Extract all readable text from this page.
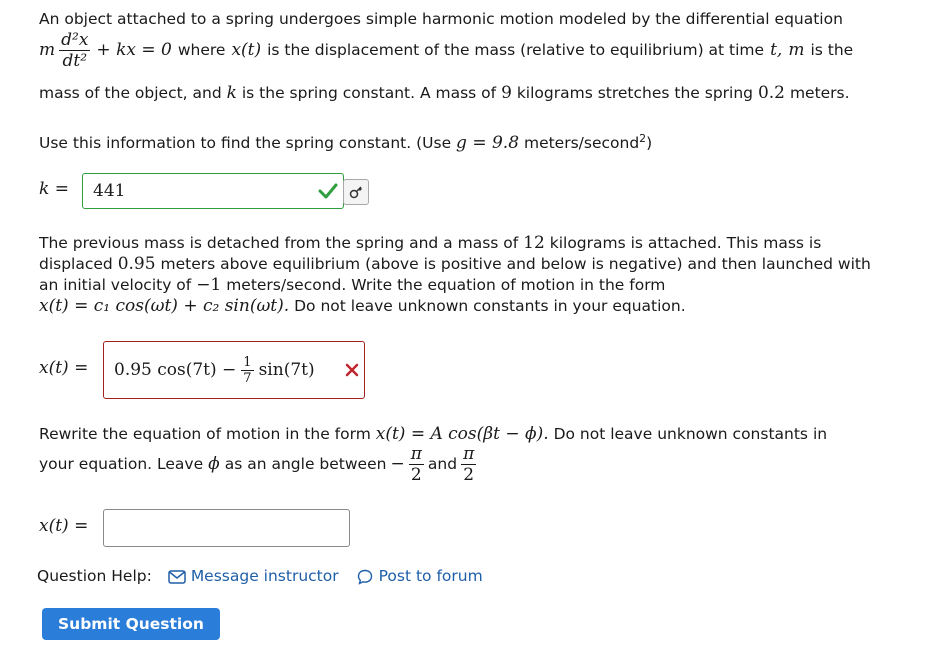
An object attached to a spring undergoes simple harmonic motion modeled by the differential equation
m $\frac{\text{d²x}}{\text{dt²}}$ + kx = 0 where x(t) is the displacement of the mass (relative to equilibrium) at time t, m is the
mass of the object, and k is the spring constant. A mass of 9 kilograms stretches the spring 0.2 meters.
Use this information to find the spring constant. (Use g = 9.8 meters/second$^2$)
k = 441
The previous mass is detached from the spring and a mass of 12 kilograms is attached. This mass is
displaced 0.95 meters above equilibrium (above is positive and below is negative) and then launched with
an initial velocity of −1 meters/second. Write the equation of motion in the form
x(t) = c₁ cos(ωt) + c₂ sin(ωt). Do not leave unknown constants in your equation.
x(t) = 0.95 $\cos(7t) - \frac{1}{7} \sin(7t)$
Rewrite the equation of motion in the form x(t) = A cos(βt − ϕ). Do not leave unknown constants in
your equation. Leave ϕ as an angle between − $\frac{\pi}{2}$ and $\frac{\pi}{2}$
x(t) =
Question Help:	Message instructor	Post to forum
Submit Question
